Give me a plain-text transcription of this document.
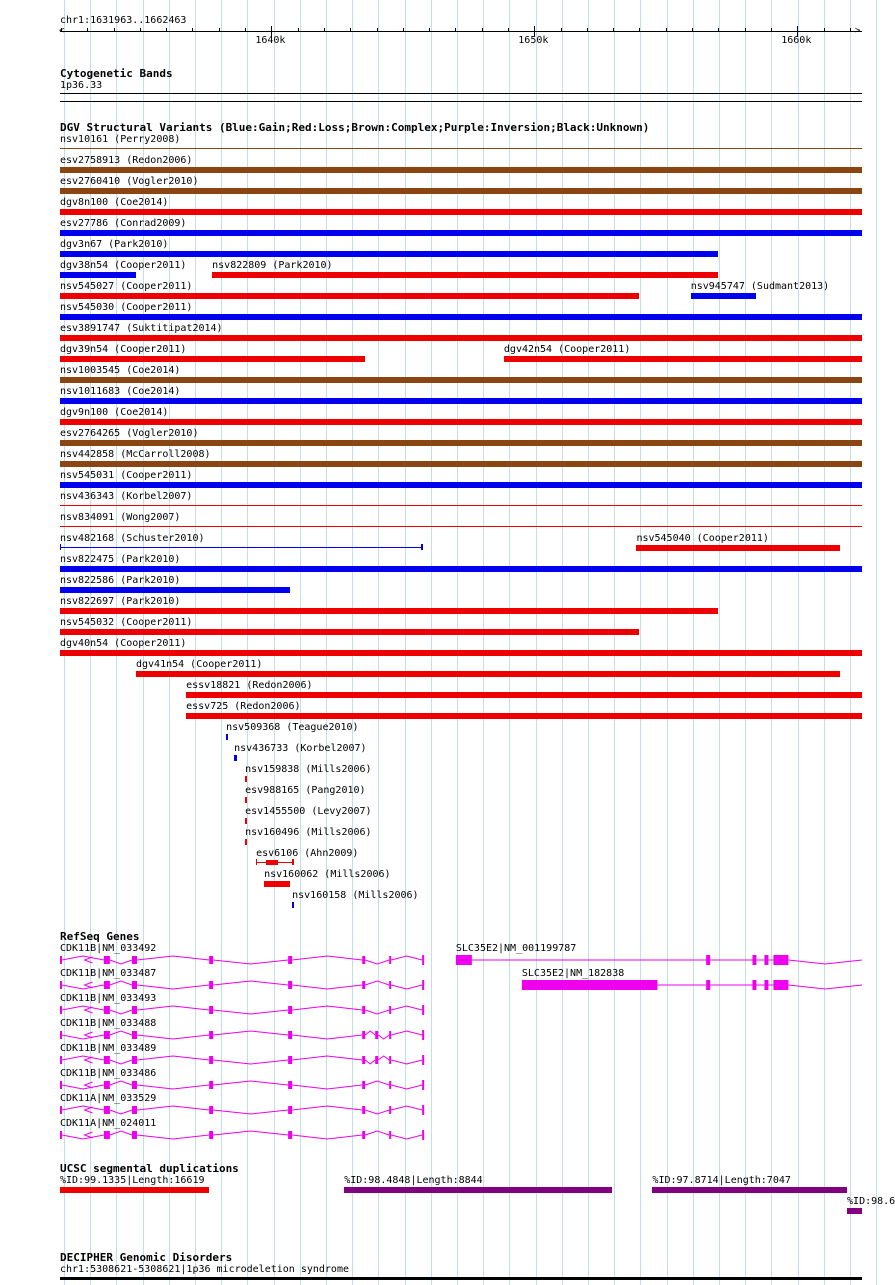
chr1:1631963..1662463
1640k	1650k	1660k
<	>
Cytogenetic Bands
1p36.33
DGV Structural Variants (Blue:Gain;Red:Loss;Brown:Complex;Purple:Inversion;Black:Unknown)
nsv10161 (Perry2008)
esv2758913 (Redon2006)
esv2760410 (Vogler2010)
dgv8n100 (Coe2014)
esv27786 (Conrad2009)
dgv3n67 (Park2010)
dgv38n54 (Cooper2011)	nsv822809 (Park2010)
nsv545027 (Cooper2011)	nsv945747 (Sudmant2013)
nsv545030 (Cooper2011)
esv3891747 (Suktitipat2014)
dgv39n54 (Cooper2011)	dgv42n54 (Cooper2011)
nsv1003545 (Coe2014)
nsv1011683 (Coe2014)
dgv9n100 (Coe2014)
esv2764265 (Vogler2010)
nsv442858 (McCarroll2008)
nsv545031 (Cooper2011)
nsv436343 (Korbel2007)
nsv834091 (Wong2007)
nsv482168 (Schuster2010)	nsv545040 (Cooper2011)
nsv822475 (Park2010)
nsv822586 (Park2010)
nsv822697 (Park2010)
nsv545032 (Cooper2011)
dgv40n54 (Cooper2011)
dgv41n54 (Cooper2011)
essv18821 (Redon2006)
essv725 (Redon2006)
nsv509368 (Teague2010)
nsv436733 (Korbel2007)
nsv159838 (Mills2006)
esv988165 (Pang2010)
esv1455500 (Levy2007)
nsv160496 (Mills2006)
esv6106 (Ahn2009)
nsv160062 (Mills2006)
nsv160158 (Mills2006)
RefSeq Genes
CDK11B|NM_033492
CDK11B|NM_033487
CDK11B|NM_033493
CDK11B|NM_033488
CDK11B|NM_033489
CDK11B|NM_033486
CDK11A|NM_033529
CDK11A|NM_024011
SLC35E2|NM_001199787
SLC35E2|NM_182838
UCSC segmental duplications
%ID:99.1335|Length:16619	%ID:98.4848|Length:8844	%ID:97.8714|Length:7047
%ID:98.6
DECIPHER Genomic Disorders
chr1:5308621-5308621|1p36 microdeletion syndrome
